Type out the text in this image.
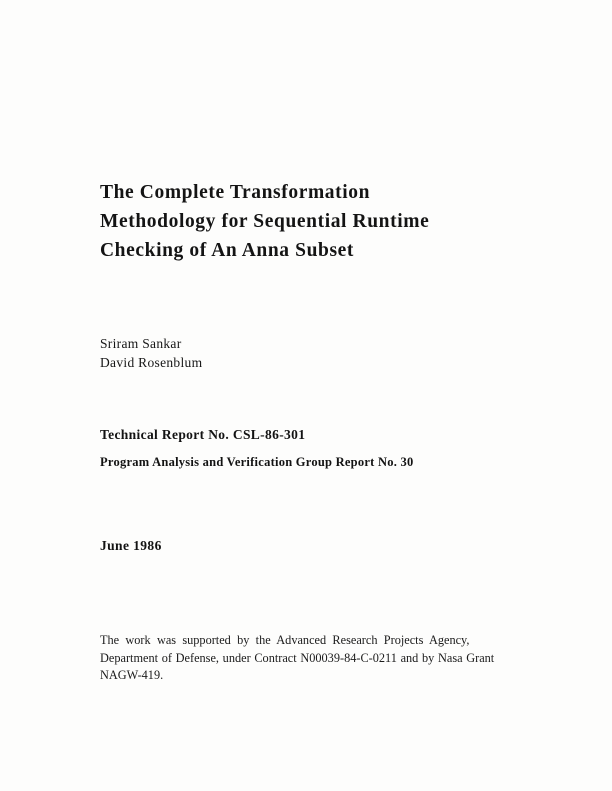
The Complete Transformation
Methodology for Sequential Runtime
Checking of An Anna Subset
Sriram Sankar
David Rosenblum

Technical Report No. CSL-86-301

Program Analysis and Verification Group Report No. 30

June 1986
The work was supported by the Advanced Research Projects Agency,
Department of Defense, under Contract N00039-84-C-0211 and by Nasa Grant
NAGW-419.
